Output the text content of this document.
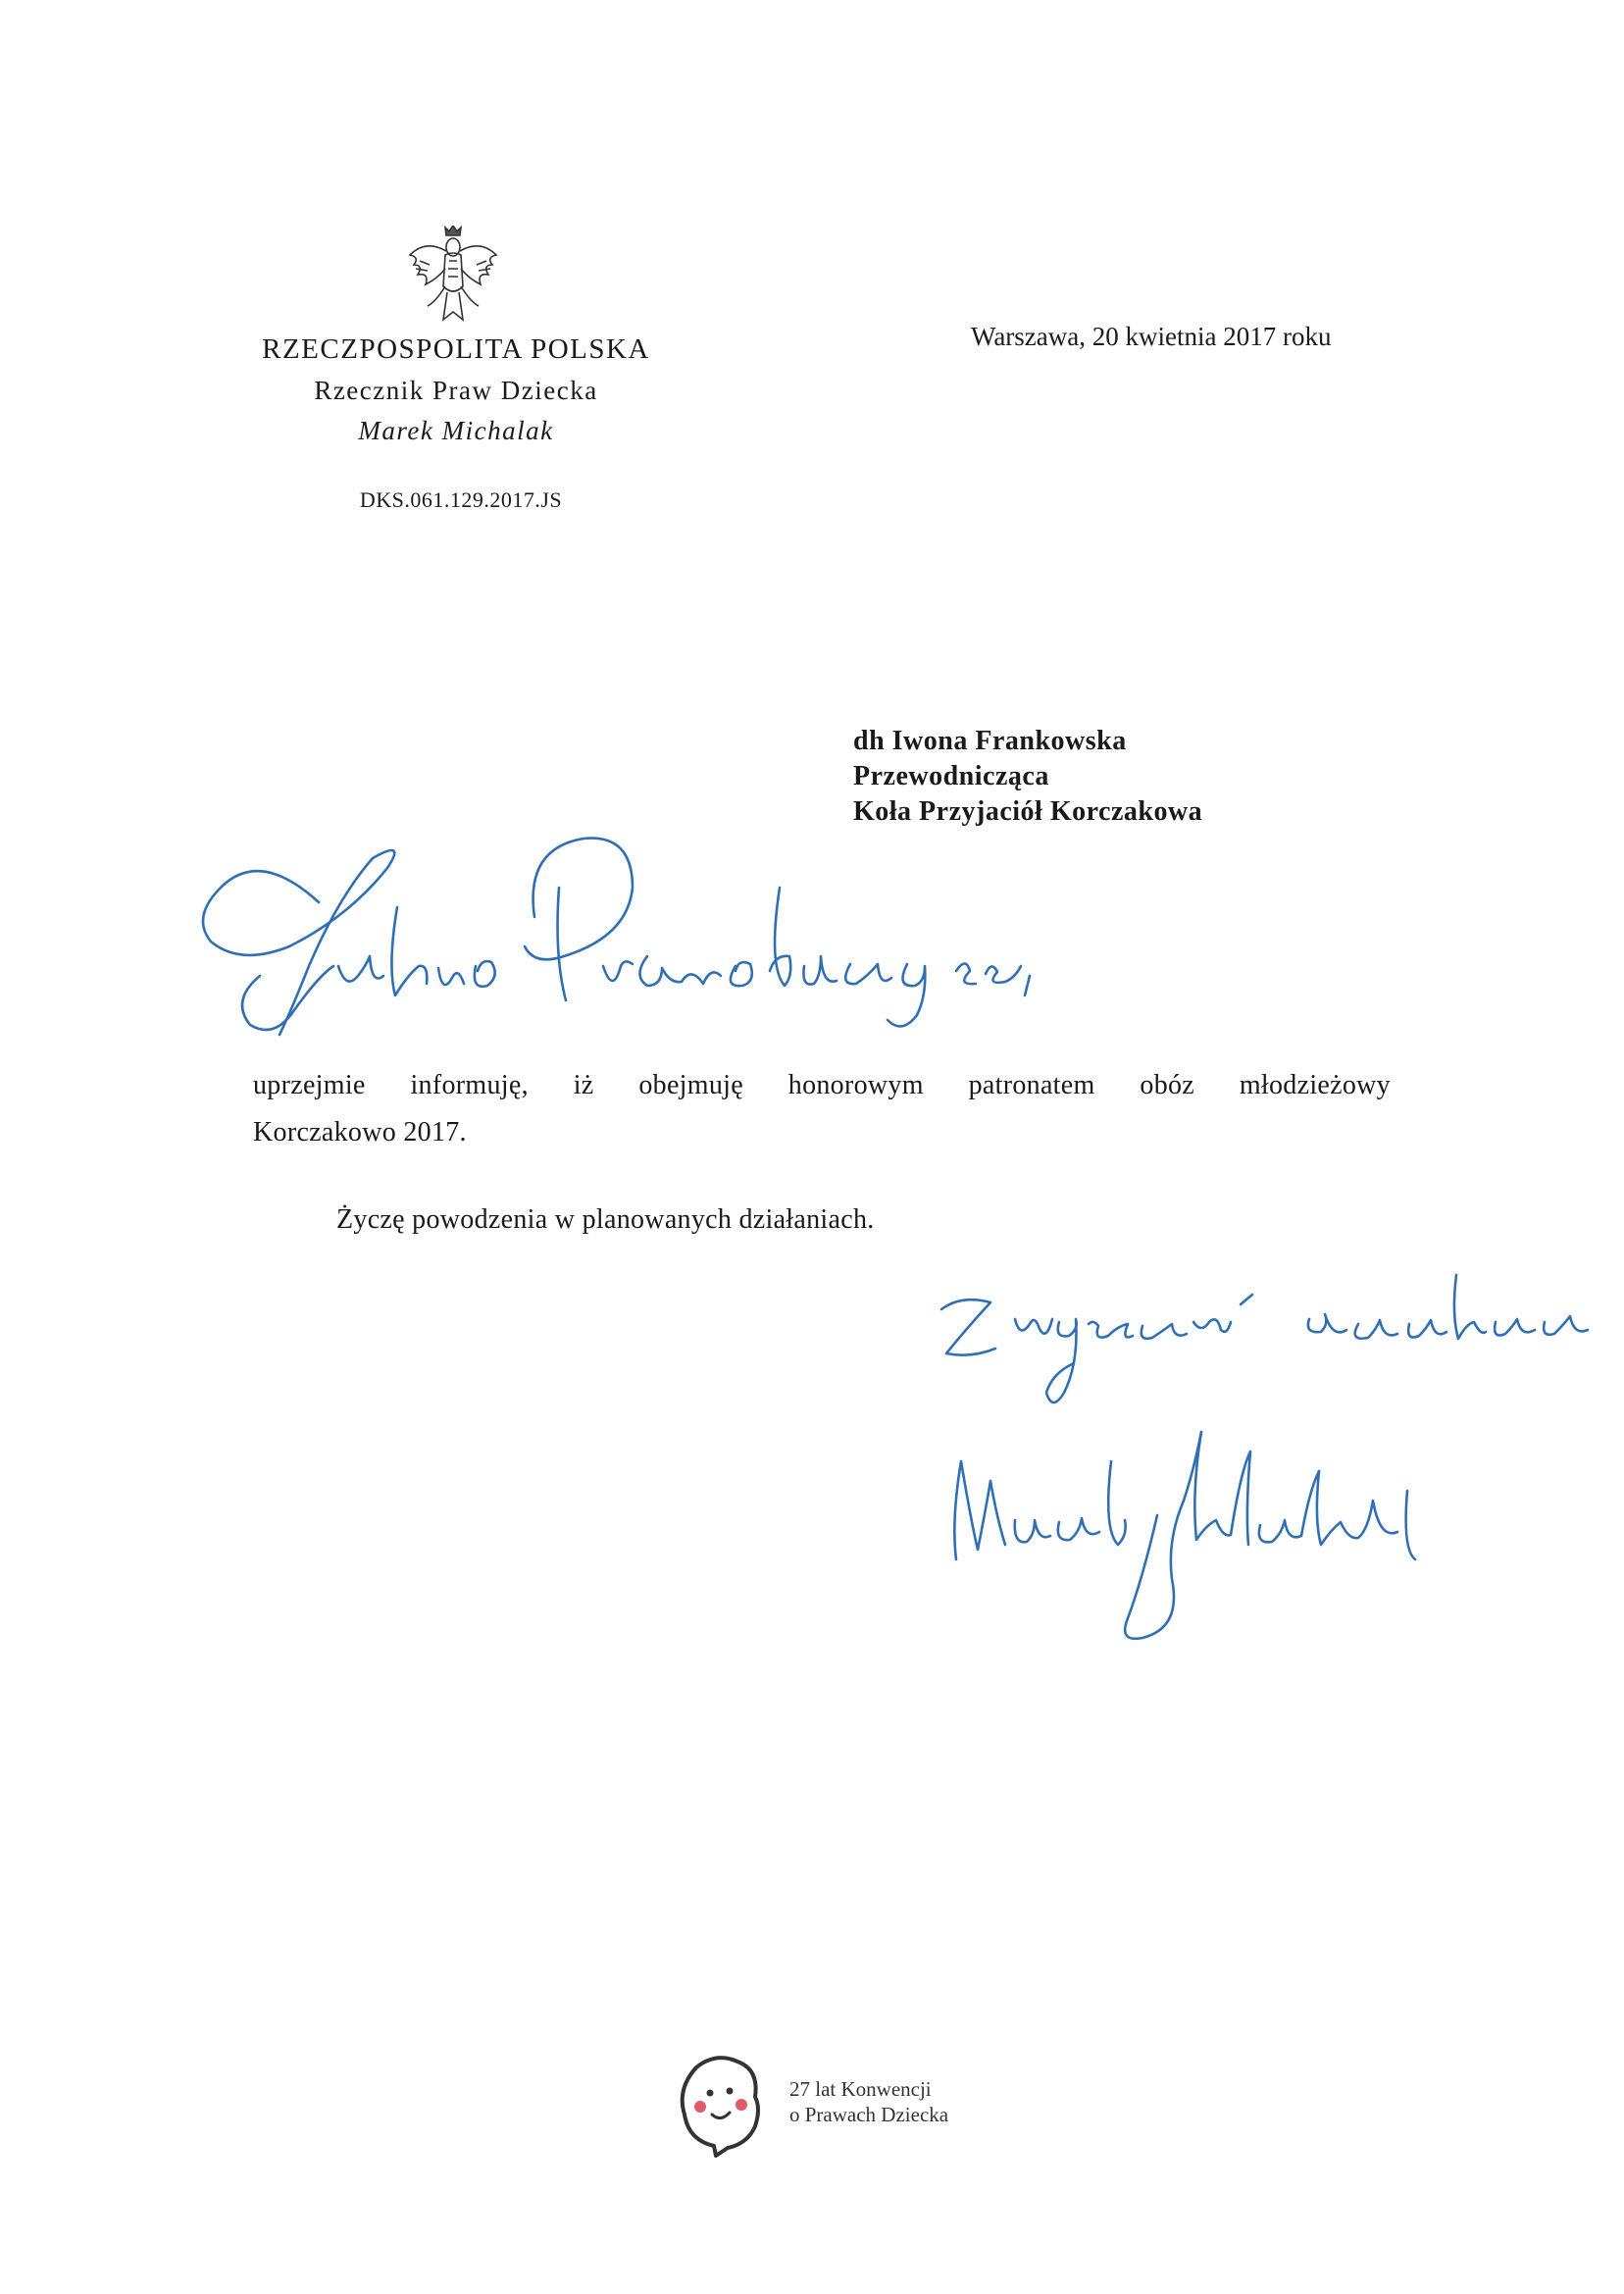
RZECZPOSPOLITA POLSKA
Rzecznik Praw Dziecka
Marek Michalak
DKS.061.129.2017.JS
Warszawa, 20 kwietnia 2017 roku
dh Iwona Frankowska
Przewodnicząca
Koła Przyjaciół Korczakowa
uprzejmie informuję, iż obejmuję honorowym patronatem obóz młodzieżowy
Korczakowo 2017.
Życzę powodzenia w planowanych działaniach.
27 lat Konwencji
o Prawach Dziecka
